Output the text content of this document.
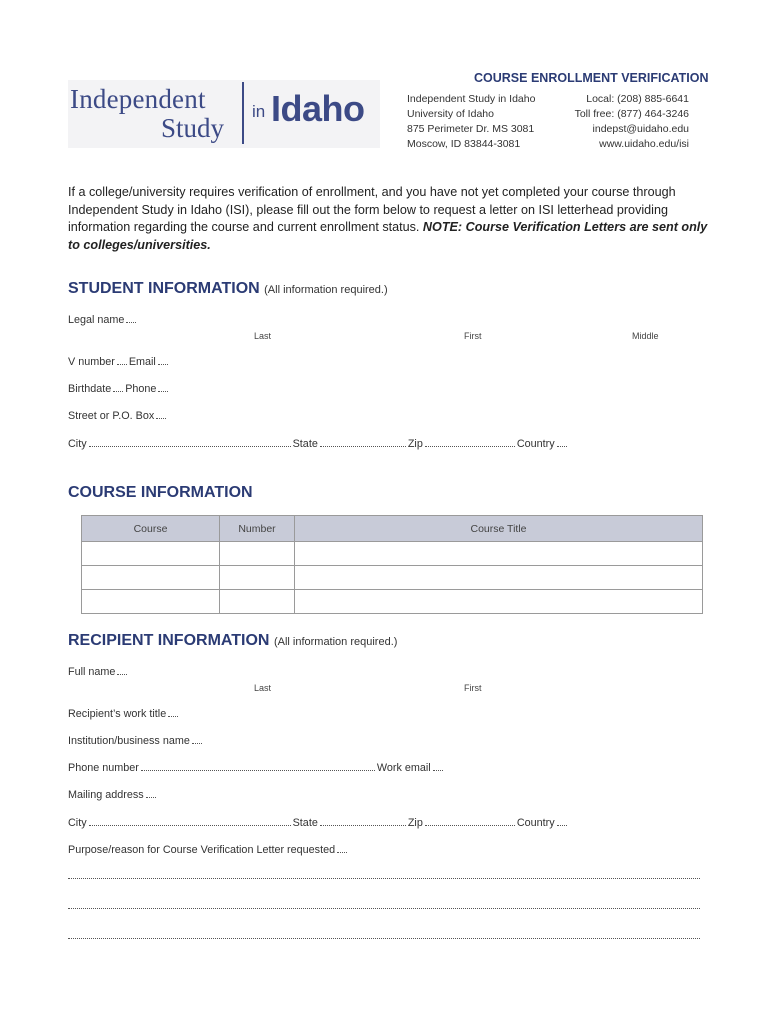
Independent
Study
in Idaho
COURSE ENROLLMENT VERIFICATION
Independent Study in Idaho
University of Idaho
875 Perimeter Dr. MS 3081
Moscow, ID 83844-3081
Local: (208) 885-6641
Toll free: (877) 464-3246
indepst@uidaho.edu
www.uidaho.edu/isi
If a college/university requires verification of enrollment, and you have not yet completed your course through Independent Study in Idaho (ISI), please fill out the form below to request a letter on ISI letterhead providing information regarding the course and current enrollment status. NOTE: Course Verification Letters are sent only to colleges/universities.
STUDENT INFORMATION (All information required.)
Legal name
Last	First	Middle
V number Email
Birthdate Phone
Street or P.O. Box
City	State	Zip	Country
COURSE INFORMATION
Course	Number	Course Title

RECIPIENT INFORMATION (All information required.)
Full name
Last	First
Recipient’s work title
Institution/business name
Phone number	Work email
Mailing address
City	State	Zip	Country
Purpose/reason for Course Verification Letter requested
